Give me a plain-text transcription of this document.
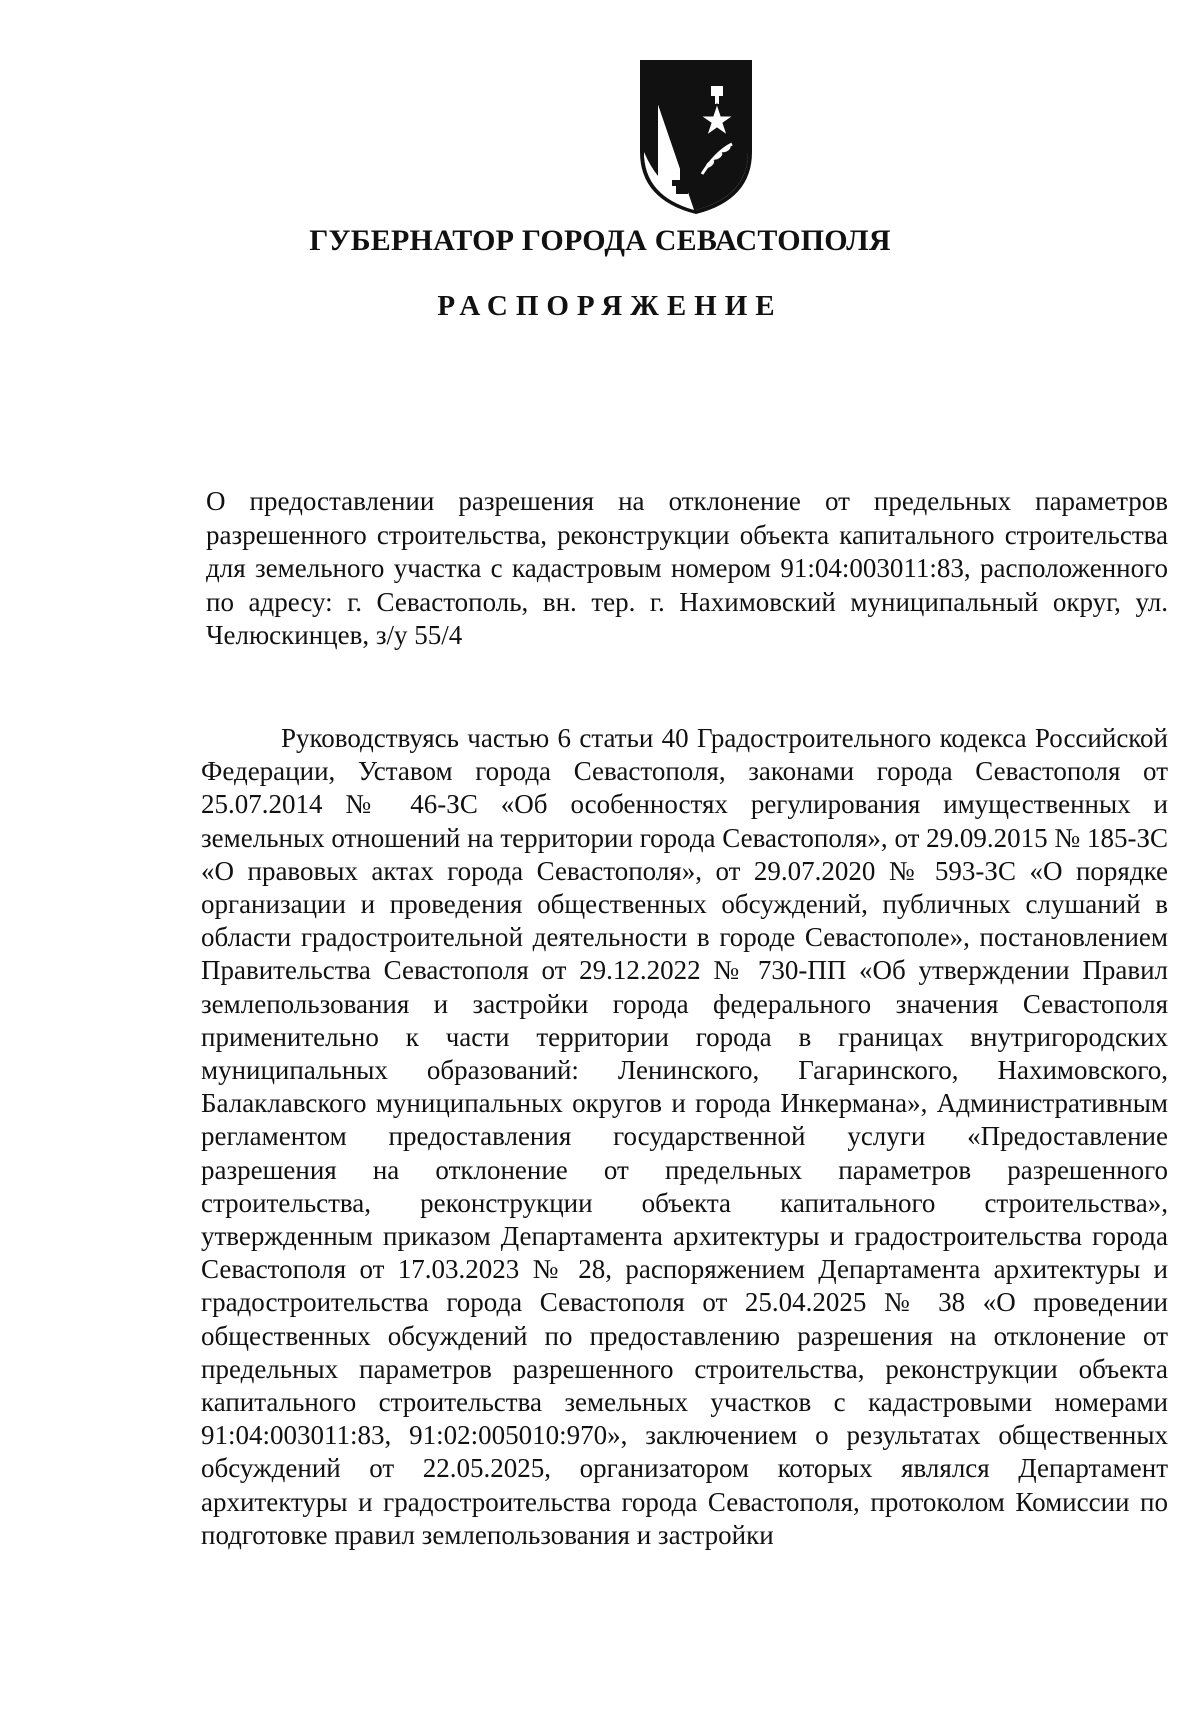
ГУБЕРНАТОР ГОРОДА СЕВАСТОПОЛЯ
РАСПОРЯЖЕНИЕ
О предоставлении разрешения на отклонение от предельных параметров разрешенного строительства, реконструкции объекта капитального строительства для земельного участка с кадастровым номером 91:04:003011:83, расположенного по адресу: г. Севастополь, вн. тер. г. Нахимовский муниципальный округ, ул. Челюскинцев, з/у 55/4
Руководствуясь частью 6 статьи 40 Градостроительного кодекса Российской Федерации, Уставом города Севастополя, законами города Севастополя от 25.07.2014 № 46-ЗС «Об особенностях регулирования имущественных и земельных отношений на территории города Севастополя», от 29.09.2015 № 185-ЗС «О правовых актах города Севастополя», от 29.07.2020 № 593-ЗС «О порядке организации и проведения общественных обсуждений, публичных слушаний в области градостроительной деятельности в городе Севастополе», постановлением Правительства Севастополя от 29.12.2022 № 730-ПП «Об утверждении Правил землепользования и застройки города федерального значения Севастополя применительно к части территории города в границах внутригородских муниципальных образований: Ленинского, Гагаринского, Нахимовского, Балаклавского муниципальных округов и города Инкермана», Административным регламентом предоставления государственной услуги «Предоставление разрешения на отклонение от предельных параметров разрешенного строительства, реконструкции объекта капитального строительства», утвержденным приказом Департамента архитектуры и градостроительства города Севастополя от 17.03.2023 № 28, распоряжением Департамента архитектуры и градостроительства города Севастополя от 25.04.2025 № 38 «О проведении общественных обсуждений по предоставлению разрешения на отклонение от предельных параметров разрешенного строительства, реконструкции объекта капитального строительства земельных участков с кадастровыми номерами 91:04:003011:83, 91:02:005010:970», заключением о результатах общественных обсуждений от 22.05.2025, организатором которых являлся Департамент архитектуры и градостроительства города Севастополя, протоколом Комиссии по подготовке правил землепользования и застройки
